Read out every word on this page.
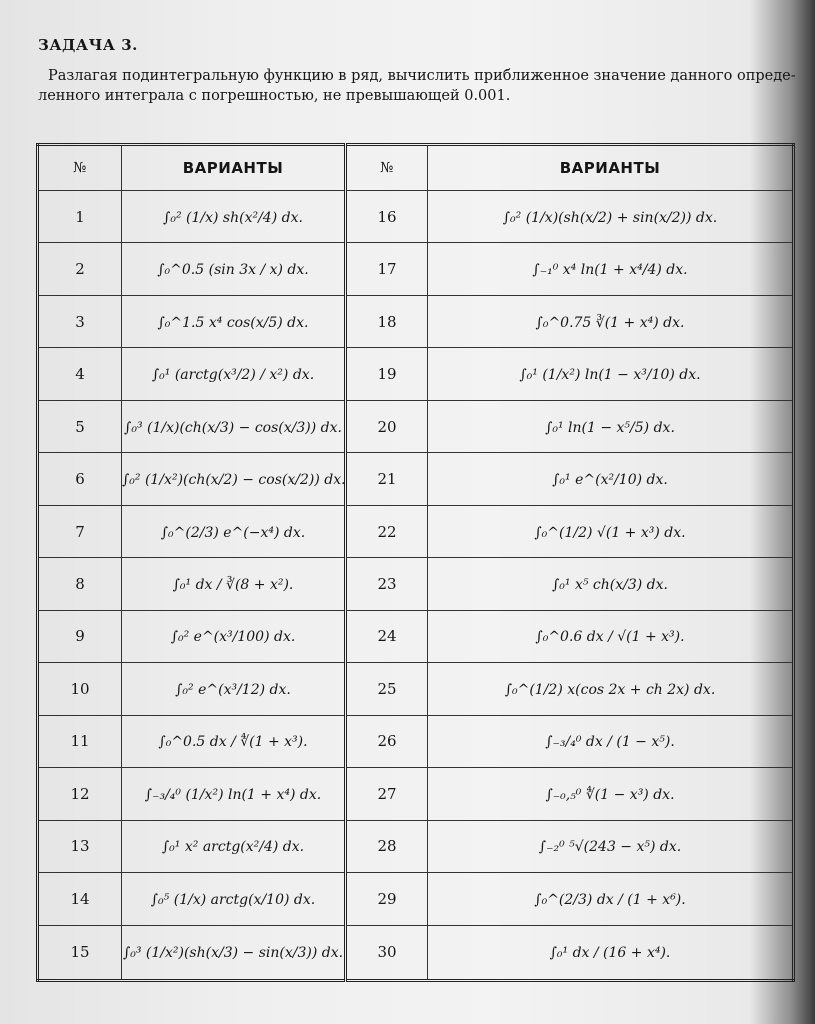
ЗАДАЧА 3.
Разлагая подинтегральную функцию в ряд, вычислить приближенное значение данного опреде-
ленного интеграла с погрешностью, не превышающей 0.001.
№	ВАРИАНТЫ	№	ВАРИАНТЫ
1	∫₀² (1/x) sh(x²/4) dx.	16	∫₀² (1/x)(sh(x/2) + sin(x/2)) dx.
2	∫₀^0.5 (sin 3x / x) dx.	17	∫₋₁⁰ x⁴ ln(1 + x⁴/4) dx.
3	∫₀^1.5 x⁴ cos(x/5) dx.	18	∫₀^0.75 ∛(1 + x⁴) dx.
4	∫₀¹ (arctg(x³/2) / x²) dx.	19	∫₀¹ (1/x²) ln(1 − x³/10) dx.
5	∫₀³ (1/x)(ch(x/3) − cos(x/3)) dx.	20	∫₀¹ ln(1 − x⁵/5) dx.
6	∫₀² (1/x²)(ch(x/2) − cos(x/2)) dx.	21	∫₀¹ e^(x²/10) dx.
7	∫₀^(2/3) e^(−x⁴) dx.	22	∫₀^(1/2) √(1 + x³) dx.
8	∫₀¹ dx / ∛(8 + x²).	23	∫₀¹ x⁵ ch(x/3) dx.
9	∫₀² e^(x³/100) dx.	24	∫₀^0.6 dx / √(1 + x³).
10	∫₀² e^(x³/12) dx.	25	∫₀^(1/2) x(cos 2x + ch 2x) dx.
11	∫₀^0.5 dx / ∜(1 + x³).	26	∫₋₃/₄⁰ dx / (1 − x⁵).
12	∫₋₃/₄⁰ (1/x²) ln(1 + x⁴) dx.	27	∫₋₀,₅⁰ ∜(1 − x³) dx.
13	∫₀¹ x² arctg(x²/4) dx.	28	∫₋₂⁰ ⁵√(243 − x⁵) dx.
14	∫₀⁵ (1/x) arctg(x/10) dx.	29	∫₀^(2/3) dx / (1 + x⁶).
15	∫₀³ (1/x²)(sh(x/3) − sin(x/3)) dx.	30	∫₀¹ dx / (16 + x⁴).
